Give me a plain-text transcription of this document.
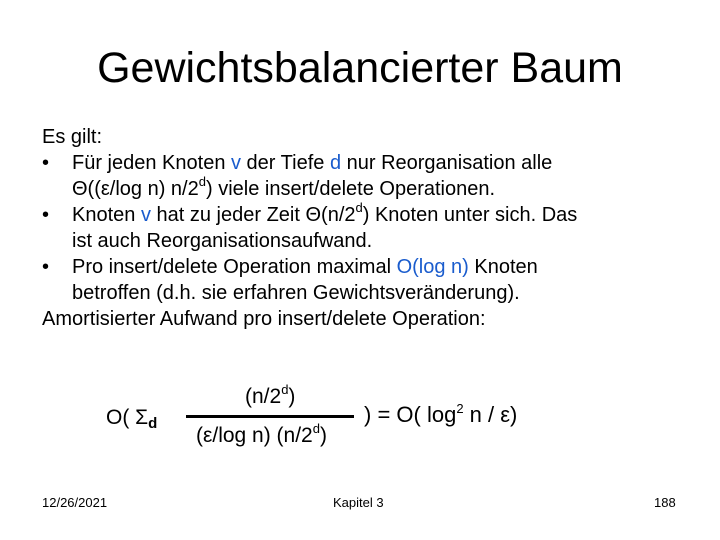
Gewichtsbalancierter Baum
Es gilt:
• Für jeden Knoten v der Tiefe d nur Reorganisation alle
Θ((ε/log n) n/2$^d$) viele insert/delete Operationen.
• Knoten v hat zu jeder Zeit Θ(n/2$^d$) Knoten unter sich. Das
ist auch Reorganisationsaufwand.
• Pro insert/delete Operation maximal O(log n) Knoten
betroffen (d.h. sie erfahren Gewichtsveränderung).
Amortisierter Aufwand pro insert/delete Operation:
O( Σd
(n/2$^d$)
(ε/log n) (n/2$^d$)
) = O( $\log^2 n / \varepsilon$)
12/26/2021	Kapitel 3	188
